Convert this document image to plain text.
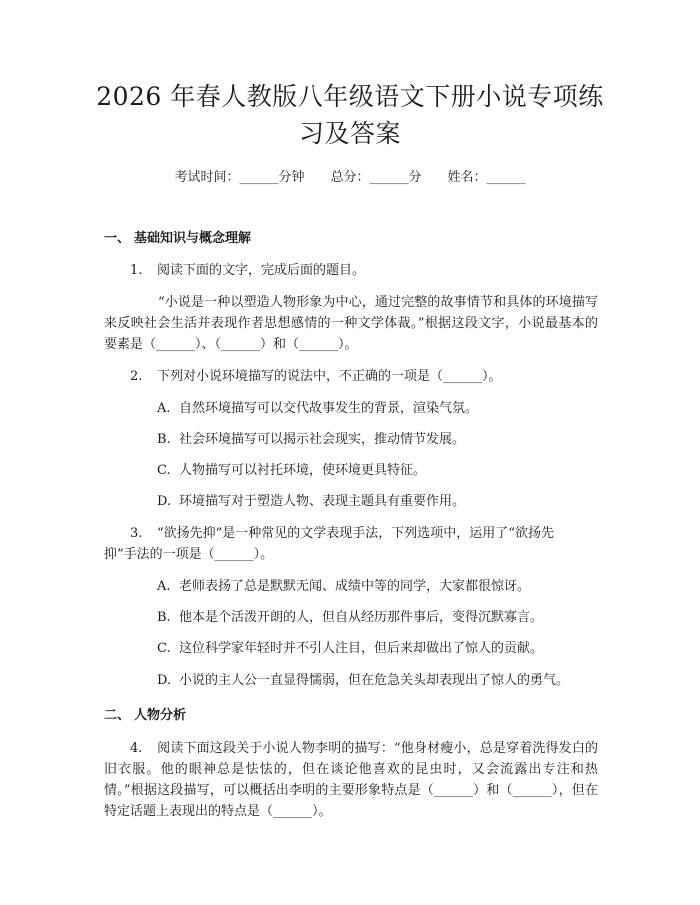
2026 年春人教版八年级语文下册小说专项练
习及答案
考试时间：______分钟 总分：______分 姓名：______
一、 基础知识与概念理解
1. 阅读下面的文字，完成后面的题目。
“小说是一种以塑造人物形象为中心，通过完整的故事情节和具体的环境描写来反映社会生活并表现作者思想感情的一种文学体裁。”根据这段文字，小说最基本的要素是（______）、（______）和（______）。
2. 下列对小说环境描写的说法中，不正确的一项是（______）。
A. 自然环境描写可以交代故事发生的背景，渲染气氛。
B. 社会环境描写可以揭示社会现实，推动情节发展。
C. 人物描写可以衬托环境，使环境更具特征。
D. 环境描写对于塑造人物、表现主题具有重要作用。
3. “欲扬先抑”是一种常见的文学表现手法，下列选项中，运用了“欲扬先
抑”手法的一项是（______）。
A. 老师表扬了总是默默无闻、成绩中等的同学，大家都很惊讶。
B. 他本是个活泼开朗的人，但自从经历那件事后，变得沉默寡言。
C. 这位科学家年轻时并不引人注目，但后来却做出了惊人的贡献。
D. 小说的主人公一直显得懦弱，但在危急关头却表现出了惊人的勇气。
二、 人物分析
4. 阅读下面这段关于小说人物李明的描写：“他身材瘦小，总是穿着洗得发白的旧衣服。他的眼神总是怯怯的，但在谈论他喜欢的昆虫时，又会流露出专注和热情。”根据这段描写，可以概括出李明的主要形象特点是（______）和（______），但在特定话题上表现出的特点是（______）。
